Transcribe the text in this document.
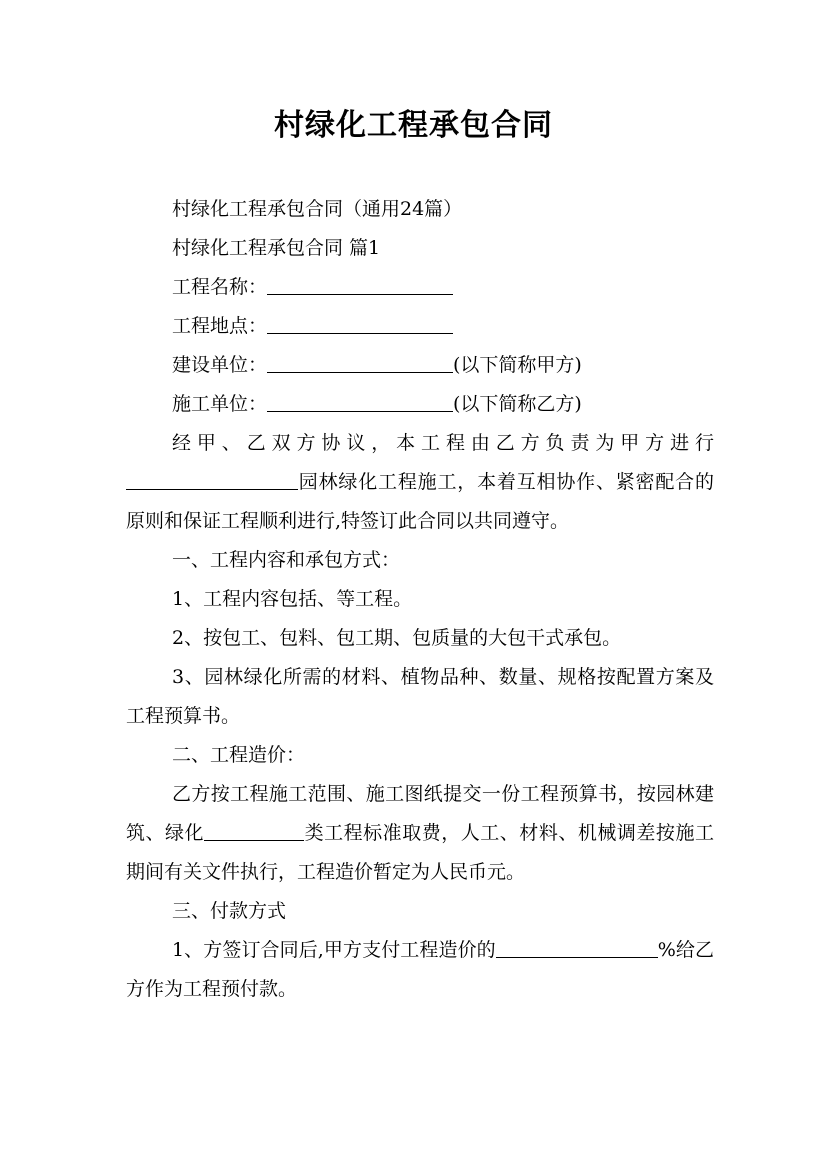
村绿化工程承包合同
村绿化工程承包合同（通用24篇）
村绿化工程承包合同 篇1
工程名称：
工程地点：
建设单位：	(以下简称甲方)
施工单位：	(以下简称乙方)
经甲、乙双方协议，本工程由乙方负责为甲方进行园林绿化工程施工，本着互相协作、紧密配合的原则和保证工程顺利进行,特签订此合同以共同遵守。
一、工程内容和承包方式：
1、工程内容包括、等工程。
2、按包工、包料、包工期、包质量的大包干式承包。
3、园林绿化所需的材料、植物品种、数量、规格按配置方案及工程预算书。
二、工程造价：
乙方按工程施工范围、施工图纸提交一份工程预算书，按园林建筑、绿化	类工程标准取费，人工、材料、机械调差按施工期间有关文件执行，工程造价暂定为人民币元。
三、付款方式
1、方签订合同后,甲方支付工程造价的	%给乙方作为工程预付款。
